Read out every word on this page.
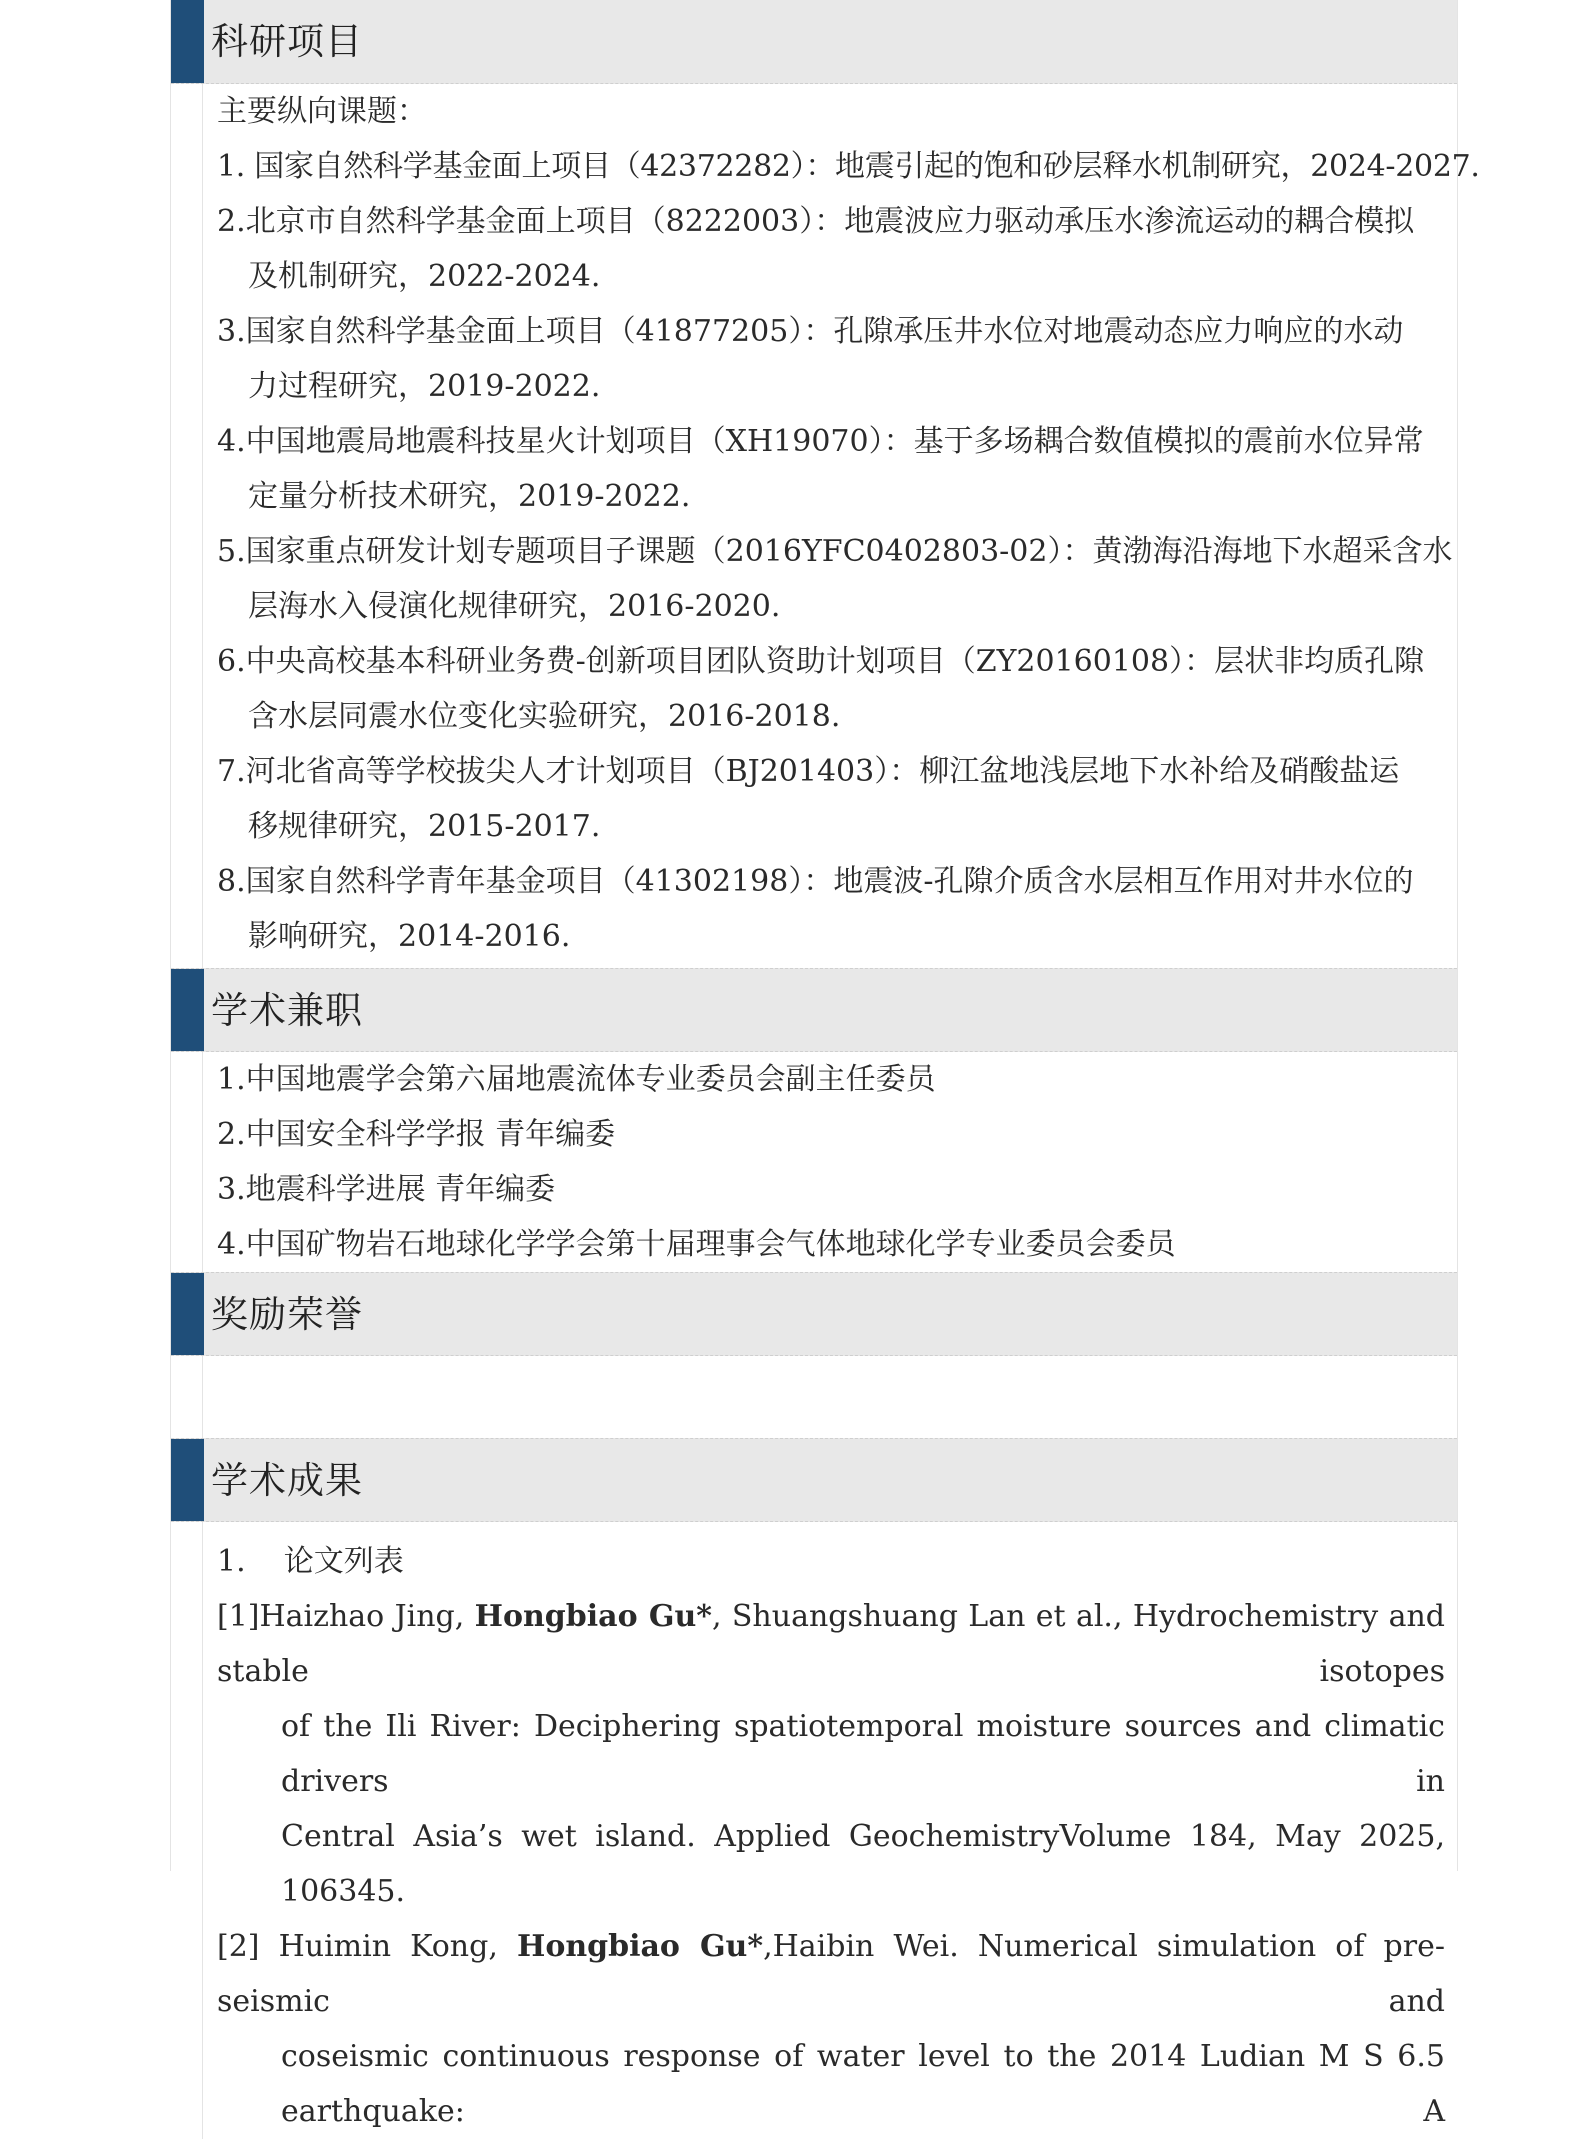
科研项目
主要纵向课题：
1. 国家自然科学基金面上项目（42372282）：地震引起的饱和砂层释水机制研究，2024-2027.
2.北京市自然科学基金面上项目（8222003）：地震波应力驱动承压水渗流运动的耦合模拟
及机制研究，2022-2024.
3.国家自然科学基金面上项目（41877205）：孔隙承压井水位对地震动态应力响应的水动
力过程研究，2019-2022.
4.中国地震局地震科技星火计划项目（XH19070）：基于多场耦合数值模拟的震前水位异常
定量分析技术研究，2019-2022.
5.国家重点研发计划专题项目子课题（2016YFC0402803-02）：黄渤海沿海地下水超采含水
层海水入侵演化规律研究，2016-2020.
6.中央高校基本科研业务费-创新项目团队资助计划项目（ZY20160108）：层状非均质孔隙
含水层同震水位变化实验研究，2016-2018.
7.河北省高等学校拔尖人才计划项目（BJ201403）：柳江盆地浅层地下水补给及硝酸盐运
移规律研究，2015-2017.
8.国家自然科学青年基金项目（41302198）：地震波-孔隙介质含水层相互作用对井水位的
影响研究，2014-2016.
学术兼职
1.中国地震学会第六届地震流体专业委员会副主任委员
2.中国安全科学学报 青年编委
3.地震科学进展 青年编委
4.中国矿物岩石地球化学学会第十届理事会气体地球化学专业委员会委员
奖励荣誉
学术成果
1.    论文列表
[1]Haizhao Jing, Hongbiao Gu*, Shuangshuang Lan et al., Hydrochemistry and stable isotopes
of the Ili River: Deciphering spatiotemporal moisture sources and climatic drivers in
Central Asia’s wet island. Applied GeochemistryVolume 184, May 2025, 106345.
[2] Huimin Kong, Hongbiao Gu*,Haibin Wei. Numerical simulation of pre-seismic and
coseismic continuous response of water level to the 2014 Ludian M S 6.5 earthquake: A
